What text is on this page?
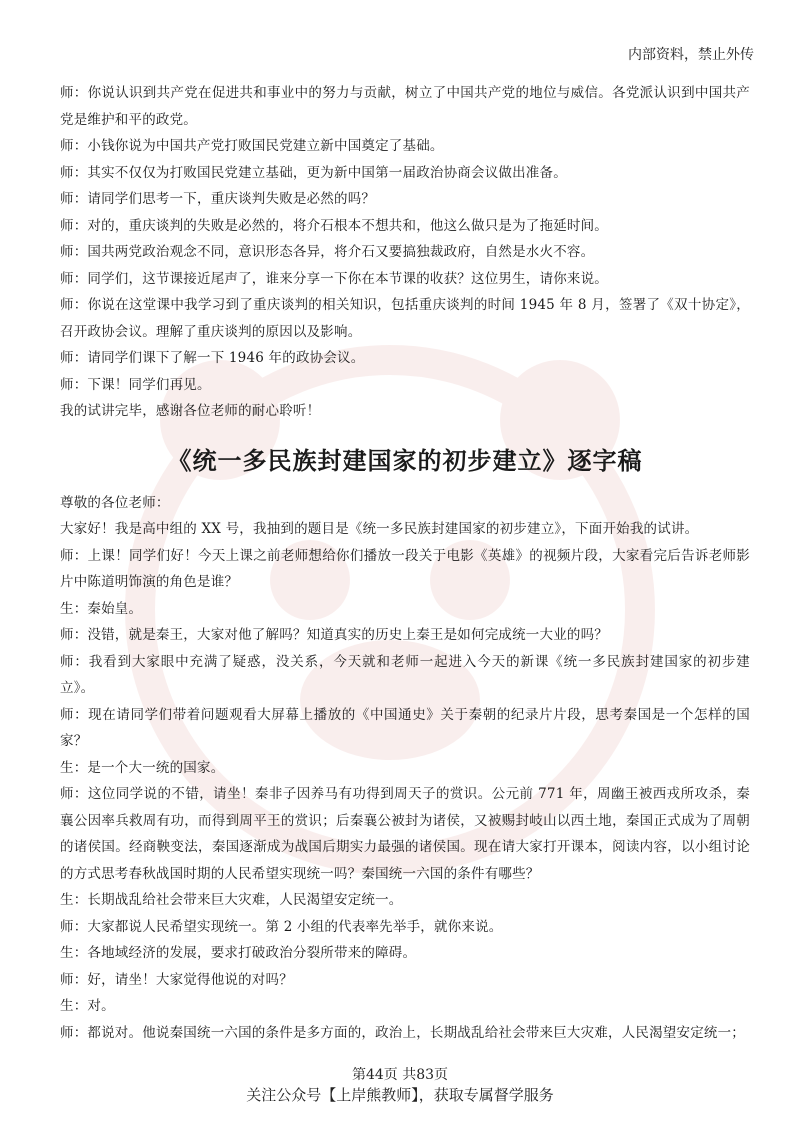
内部资料，禁止外传

师：你说认识到共产党在促进共和事业中的努力与贡献，树立了中国共产党的地位与威信。各党派认识到中国共产党是维护和平的政党。

师：小钱你说为中国共产党打败国民党建立新中国奠定了基础。

师：其实不仅仅为打败国民党建立基础，更为新中国第一届政治协商会议做出准备。

师：请同学们思考一下，重庆谈判失败是必然的吗？

师：对的，重庆谈判的失败是必然的，将介石根本不想共和，他这么做只是为了拖延时间。

师：国共两党政治观念不同，意识形态各异，将介石又要搞独裁政府，自然是水火不容。

师：同学们，这节课接近尾声了，谁来分享一下你在本节课的收获？这位男生，请你来说。

师：你说在这堂课中我学习到了重庆谈判的相关知识，包括重庆谈判的时间 1945 年 8 月，签署了《双十协定》，召开政协会议。理解了重庆谈判的原因以及影响。

师：请同学们课下了解一下 1946 年的政协会议。

师：下课！同学们再见。

我的试讲完毕，感谢各位老师的耐心聆听！

《统一多民族封建国家的初步建立》逐字稿

尊敬的各位老师：

大家好！我是高中组的 XX 号，我抽到的题目是《统一多民族封建国家的初步建立》，下面开始我的试讲。

师：上课！同学们好！今天上课之前老师想给你们播放一段关于电影《英雄》的视频片段，大家看完后告诉老师影片中陈道明饰演的角色是谁？

生：秦始皇。

师：没错，就是秦王，大家对他了解吗？知道真实的历史上秦王是如何完成统一大业的吗？

师：我看到大家眼中充满了疑惑，没关系，今天就和老师一起进入今天的新课《统一多民族封建国家的初步建立》。

师：现在请同学们带着问题观看大屏幕上播放的《中国通史》关于秦朝的纪录片片段，思考秦国是一个怎样的国家？

生：是一个大一统的国家。

师：这位同学说的不错，请坐！秦非子因养马有功得到周天子的赏识。公元前 771 年，周幽王被西戎所攻杀，秦襄公因率兵救周有功，而得到周平王的赏识；后秦襄公被封为诸侯，又被赐封岐山以西土地，秦国正式成为了周朝的诸侯国。经商鞅变法，秦国逐渐成为战国后期实力最强的诸侯国。现在请大家打开课本，阅读内容，以小组讨论的方式思考春秋战国时期的人民希望实现统一吗？秦国统一六国的条件有哪些？

生：长期战乱给社会带来巨大灾难，人民渴望安定统一。

师：大家都说人民希望实现统一。第 2 小组的代表率先举手，就你来说。

生：各地域经济的发展，要求打破政治分裂所带来的障碍。

师：好，请坐！大家觉得他说的对吗？

生：对。

师：都说对。他说秦国统一六国的条件是多方面的，政治上，长期战乱给社会带来巨大灾难，人民渴望安定统一；

第44页 共83页
关注公众号【上岸熊教师】，获取专属督学服务
